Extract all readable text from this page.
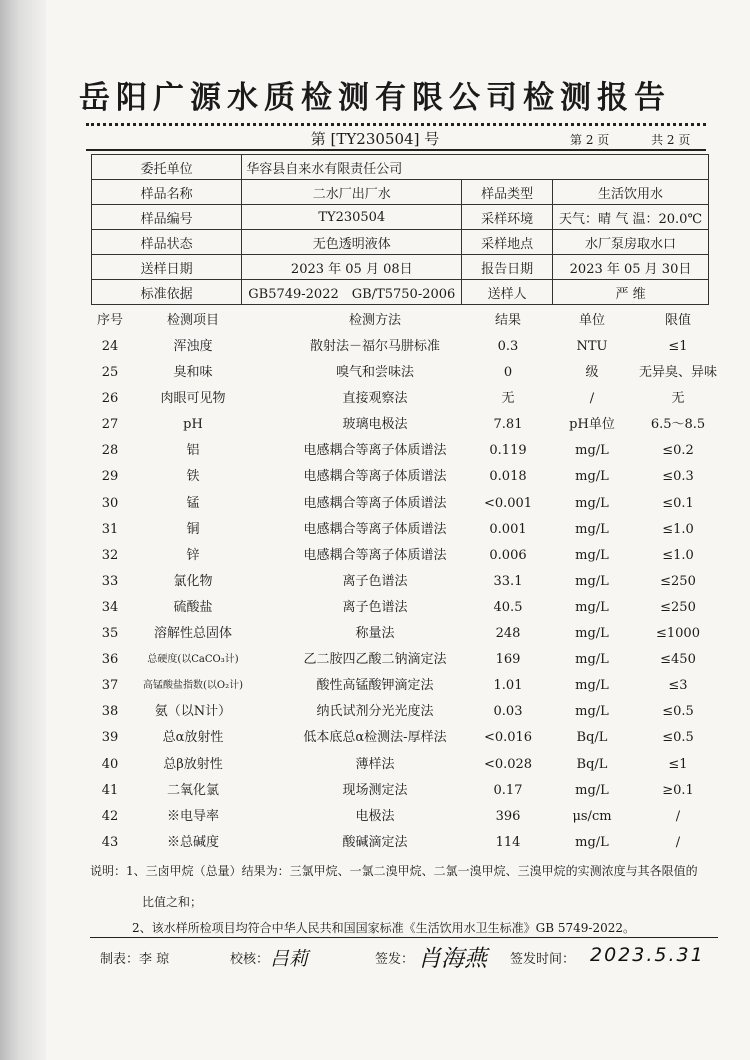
岳阳广源水质检测有限公司检测报告
第 [TY230504] 号	第 2 页	共 2 页
委托单位	华容县自来水有限责任公司		
样品名称	二水厂出厂水	样品类型	生活饮用水
样品编号	TY230504	采样环境	天气：晴 气 温：20.0℃

样品状态	无色透明液体	采样地点	水厂泵房取水口
送样日期	2023 年 05 月 08日	报告日期	2023 年 05 月 30日
标准依据	GB5749-2022　GB/T5750-2006	送样人	严 维
序号	检测项目	检测方法	结果	单位	限值
24	浑浊度	散射法－福尔马肼标准	0.3	NTU	≤1
25	臭和味	嗅气和尝味法	0	级	无异臭、异味
26	肉眼可见物	直接观察法	无	/	无
27	pH	玻璃电极法	7.81	pH单位	6.5～8.5
28	铝	电感耦合等离子体质谱法	0.119	mg/L	≤0.2
29	铁	电感耦合等离子体质谱法	0.018	mg/L	≤0.3
30	锰	电感耦合等离子体质谱法	<0.001	mg/L	≤0.1
31	铜	电感耦合等离子体质谱法	0.001	mg/L	≤1.0
32	锌	电感耦合等离子体质谱法	0.006	mg/L	≤1.0
33	氯化物	离子色谱法	33.1	mg/L	≤250
34	硫酸盐	离子色谱法	40.5	mg/L	≤250
35	溶解性总固体	称量法	248	mg/L	≤1000
36	总硬度(以CaCO₃计)	乙二胺四乙酸二钠滴定法	169	mg/L	≤450
37	高锰酸盐指数(以O₂计)	酸性高锰酸钾滴定法	1.01	mg/L	≤3
38	氨（以N计）	纳氏试剂分光光度法	0.03	mg/L	≤0.5
39	总α放射性	低本底总α检测法-厚样法	<0.016	Bq/L	≤0.5
40	总β放射性	薄样法	<0.028	Bq/L	≤1
41	二氧化氯	现场测定法	0.17	mg/L	≥0.1
42	※电导率	电极法	396	μs/cm	/
43	※总碱度	酸碱滴定法	114	mg/L	/
说明：1、三卤甲烷（总量）结果为：三氯甲烷、一氯二溴甲烷、二氯一溴甲烷、三溴甲烷的实测浓度与其各限值的
比值之和；
2、该水样所检项目均符合中华人民共和国国家标准《生活饮用水卫生标准》GB 5749-2022。
制表：李 琼	校核： 吕莉	签发： 肖海燕 签发时间： 2023.5.31
